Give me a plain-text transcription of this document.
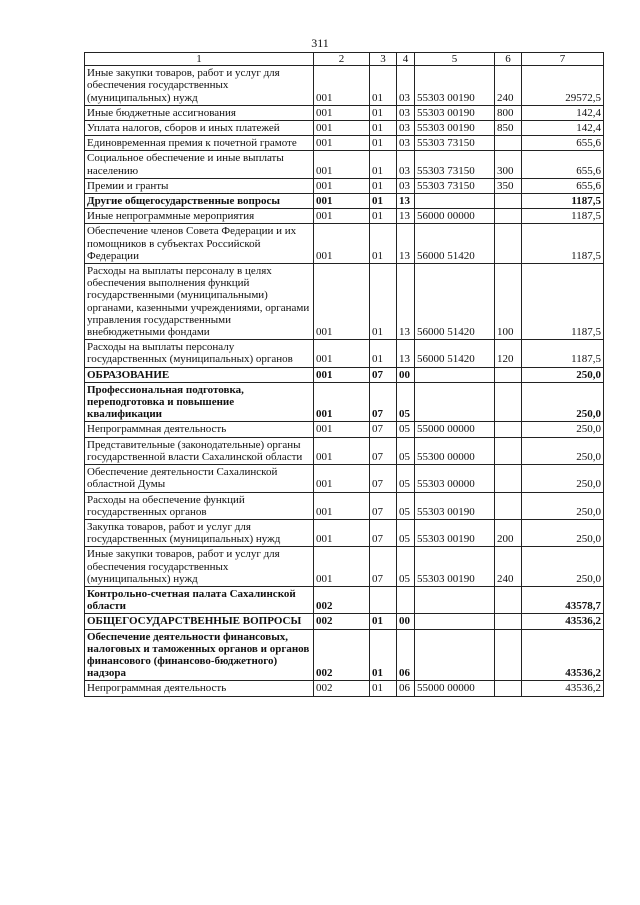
311
1	2	3	4	5	6	7
Иные закупки товаров, работ и услуг для обеспечения государственных (муниципальных) нужд	001	01	03	55303 00190	240	29572,5
Иные бюджетные ассигнования	001	01	03	55303 00190	800	142,4
Уплата налогов, сборов и иных платежей	001	01	03	55303 00190	850	142,4
Единовременная премия к почетной грамоте	001	01	03	55303 73150		655,6
Социальное обеспечение и иные выплаты населению	001	01	03	55303 73150	300	655,6
Премии и гранты	001	01	03	55303 73150	350	655,6
Другие общегосударственные вопросы	001	01	13			1187,5
Иные непрограммные мероприятия	001	01	13	56000 00000		1187,5
Обеспечение членов Совета Федерации и их помощников в субъектах Российской Федерации	001	01	13	56000 51420		1187,5
Расходы на выплаты персоналу в целях обеспечения выполнения функций государственными (муниципальными) органами, казенными учреждениями, органами управления государственными внебюджетными фондами	001	01	13	56000 51420	100	1187,5
Расходы на выплаты персоналу государственных (муниципальных) органов	001	01	13	56000 51420	120	1187,5
ОБРАЗОВАНИЕ	001	07	00			250,0
Профессиональная подготовка, переподготовка и повышение квалификации	001	07	05			250,0
Непрограммная деятельность	001	07	05	55000 00000		250,0
Представительные (законодательные) органы государственной власти Сахалинской области	001	07	05	55300 00000		250,0
Обеспечение деятельности Сахалинской областной Думы	001	07	05	55303 00000		250,0
Расходы на обеспечение функций государственных органов	001	07	05	55303 00190		250,0
Закупка товаров, работ и услуг для государственных (муниципальных) нужд	001	07	05	55303 00190	200	250,0
Иные закупки товаров, работ и услуг для обеспечения государственных (муниципальных) нужд	001	07	05	55303 00190	240	250,0
Контрольно-счетная палата Сахалинской области	002					43578,7
ОБЩЕГОСУДАРСТВЕННЫЕ ВОПРОСЫ	002	01	00			43536,2
Обеспечение деятельности финансовых, налоговых и таможенных органов и органов финансового (финансово-бюджетного) надзора	002	01	06			43536,2
Непрограммная деятельность	002	01	06	55000 00000		43536,2
